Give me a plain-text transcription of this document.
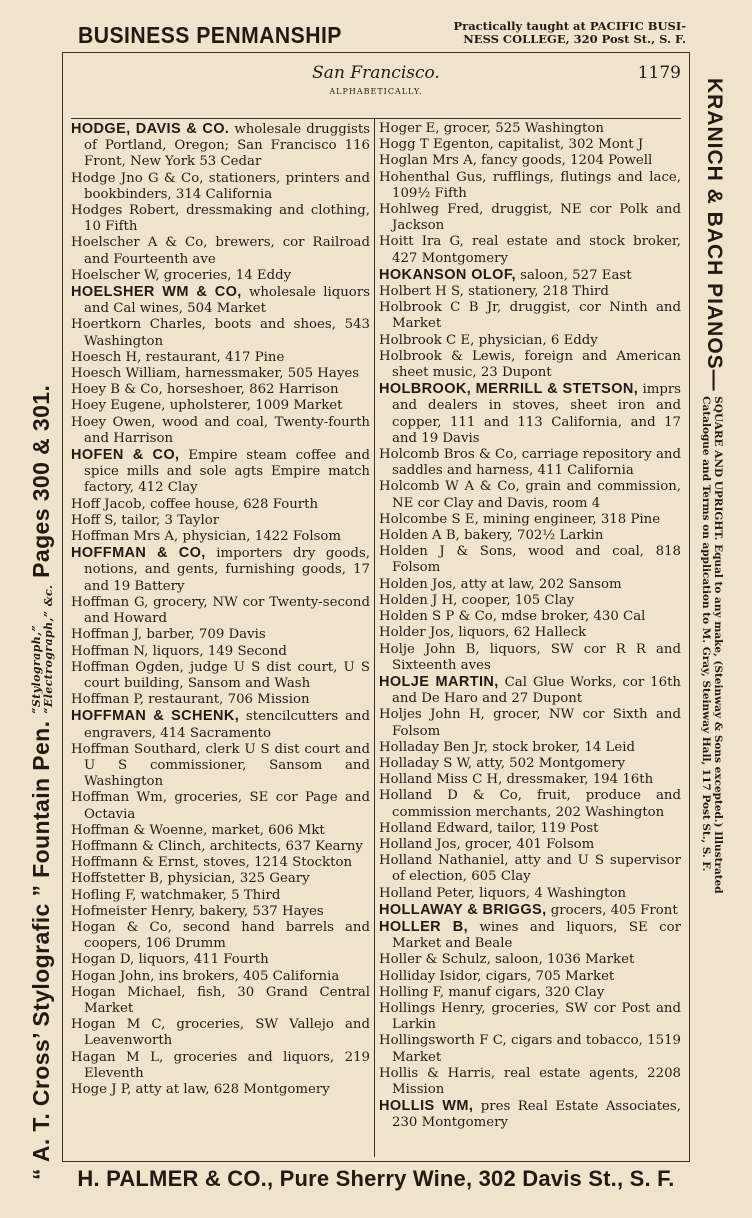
BUSINESS PENMANSHIP	Practically taught at PACIFIC BUSI-
NESS COLLEGE, 320 Post St., S. F.
“ A. T. Cross’ Stylografic ” Fountain Pen.
“Stylograph,” “Electrograph,” &c.
Pages 300 & 301.
San Francisco.	1179
ALPHABETICALLY.

HODGE, DAVIS & CO. wholesale druggists of Portland, Oregon; San Francisco 116 Front, New York 53 Cedar

Hodge Jno G & Co, stationers, printers and bookbinders, 314 California

Hodges Robert, dressmaking and clothing, 10 Fifth

Hoelscher A & Co, brewers, cor Railroad and Fourteenth ave

Hoelscher W, groceries, 14 Eddy

HOELSHER WM & CO, wholesale liquors and Cal wines, 504 Market

Hoertkorn Charles, boots and shoes, 543 Washington

Hoesch H, restaurant, 417 Pine

Hoesch William, harnessmaker, 505 Hayes

Hoey B & Co, horseshoer, 862 Harrison

Hoey Eugene, upholsterer, 1009 Market

Hoey Owen, wood and coal, Twenty-fourth and Harrison

HOFEN & CO, Empire steam coffee and spice mills and sole agts Empire match factory, 412 Clay

Hoff Jacob, coffee house, 628 Fourth

Hoff S, tailor, 3 Taylor

Hoffman Mrs A, physician, 1422 Folsom

HOFFMAN & CO, importers dry goods, notions, and gents, furnishing goods, 17 and 19 Battery

Hoffman G, grocery, NW cor Twenty-second and Howard

Hoffman J, barber, 709 Davis

Hoffman N, liquors, 149 Second

Hoffman Ogden, judge U S dist court, U S court building, Sansom and Wash

Hoffman P, restaurant, 706 Mission

HOFFMAN & SCHENK, stencilcutters and engravers, 414 Sacramento

Hoffman Southard, clerk U S dist court and U S commissioner, Sansom and Washington

Hoffman Wm, groceries, SE cor Page and Octavia

Hoffman & Woenne, market, 606 Mkt

Hoffmann & Clinch, architects, 637 Kearny

Hoffmann & Ernst, stoves, 1214 Stockton

Hoffstetter B, physician, 325 Geary

Hofling F, watchmaker, 5 Third

Hofmeister Henry, bakery, 537 Hayes

Hogan & Co, second hand barrels and coopers, 106 Drumm

Hogan D, liquors, 411 Fourth

Hogan John, ins brokers, 405 California

Hogan Michael, fish, 30 Grand Central Market

Hogan M C, groceries, SW Vallejo and Leavenworth

Hagan M L, groceries and liquors, 219 Eleventh

Hoge J P, atty at law, 628 Montgomery

Hoger E, grocer, 525 Washington

Hogg T Egenton, capitalist, 302 Mont J

Hoglan Mrs A, fancy goods, 1204 Powell

Hohenthal Gus, rufflings, flutings and lace, 109½ Fifth

Hohlweg Fred, druggist, NE cor Polk and Jackson

Hoitt Ira G, real estate and stock broker, 427 Montgomery

HOKANSON OLOF, saloon, 527 East

Holbert H S, stationery, 218 Third

Holbrook C B Jr, druggist, cor Ninth and Market

Holbrook C E, physician, 6 Eddy

Holbrook & Lewis, foreign and American sheet music, 23 Dupont

HOLBROOK, MERRILL & STETSON, imprs and dealers in stoves, sheet iron and copper, 111 and 113 California, and 17 and 19 Davis

Holcomb Bros & Co, carriage repository and saddles and harness, 411 California

Holcomb W A & Co, grain and commission, NE cor Clay and Davis, room 4

Holcombe S E, mining engineer, 318 Pine

Holden A B, bakery, 702½ Larkin

Holden J & Sons, wood and coal, 818 Folsom

Holden Jos, atty at law, 202 Sansom

Holden J H, cooper, 105 Clay

Holden S P & Co, mdse broker, 430 Cal

Holder Jos, liquors, 62 Halleck

Holje John B, liquors, SW cor R R and Sixteenth aves

HOLJE MARTIN, Cal Glue Works, cor 16th and De Haro and 27 Dupont

Holjes John H, grocer, NW cor Sixth and Folsom

Holladay Ben Jr, stock broker, 14 Leid

Holladay S W, atty, 502 Montgomery

Holland Miss C H, dressmaker, 194 16th

Holland D & Co, fruit, produce and commission merchants, 202 Washington

Holland Edward, tailor, 119 Post

Holland Jos, grocer, 401 Folsom

Holland Nathaniel, atty and U S supervisor of election, 605 Clay

Holland Peter, liquors, 4 Washington

HOLLAWAY & BRIGGS, grocers, 405 Front

HOLLER B, wines and liquors, SE cor Market and Beale

Holler & Schulz, saloon, 1036 Market

Holliday Isidor, cigars, 705 Market

Holling F, manuf cigars, 320 Clay

Hollings Henry, groceries, SW cor Post and Larkin

Hollingsworth F C, cigars and tobacco, 1519 Market

Hollis & Harris, real estate agents, 2208 Mission

HOLLIS WM, pres Real Estate Associates, 230 Montgomery

KRANICH & BACH PIANOS—
SQUARE AND UPRIGHT. Equal to any make, (Steinway & Sons excepted.) Illustrated
Catalogue and Terms on application to M. Gray, Steinway Hall, 117 Post St., S. F.
H. PALMER & CO., Pure Sherry Wine, 302 Davis St., S. F.
